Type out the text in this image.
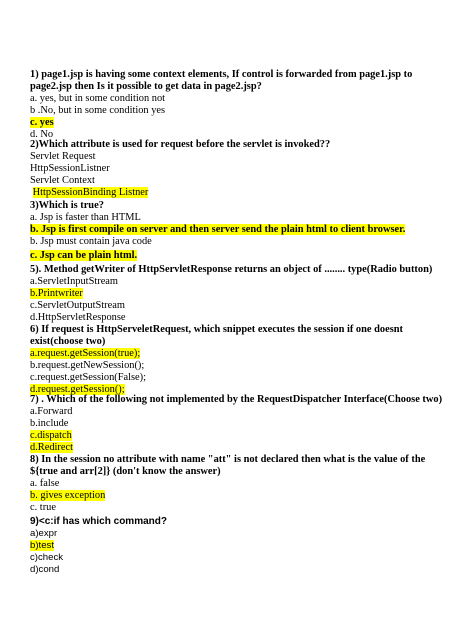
1) page1.jsp is having some context elements, If control is forwarded from page1.jsp to page2.jsp then Is it possible to get data in page2.jsp?

a. yes, but in some condition not

b .No, but in some condition yes

c. yes

d. No

2)Which attribute is used for request before the servlet is invoked??

Servlet Request

HttpSessionListner

Servlet Context

HttpSessionBinding Listner

3)Which is true?

a. Jsp is faster than HTML

b. Jsp is first compile on server and then server send the plain html to client browser.

b. Jsp must contain java code

c. Jsp can be plain html.

5). Method getWriter of HttpServletResponse returns an object of ........ type(Radio button)

a.ServletInputStream

b.Printwriter

c.ServletOutputStream

d.HttpServletResponse

6) If request is HttpServeletRequest, which snippet executes the session if one doesnt exist(choose two)

a.request.getSession(true);

b.request.getNewSession();

c.request.getSession(False);

d.request.getSession();

7) . Which of the following not implemented by the RequestDispatcher Interface(Choose two)

a.Forward

b.include

c.dispatch

d.Redirect

8) In the session no attribute with name "att" is not declared then what is the value of the ${true and arr[2]} (don't know the answer)

a. false

b. gives exception

c. true

9)<c:if has which command?

a)expr

b)test

c)check

d)cond
